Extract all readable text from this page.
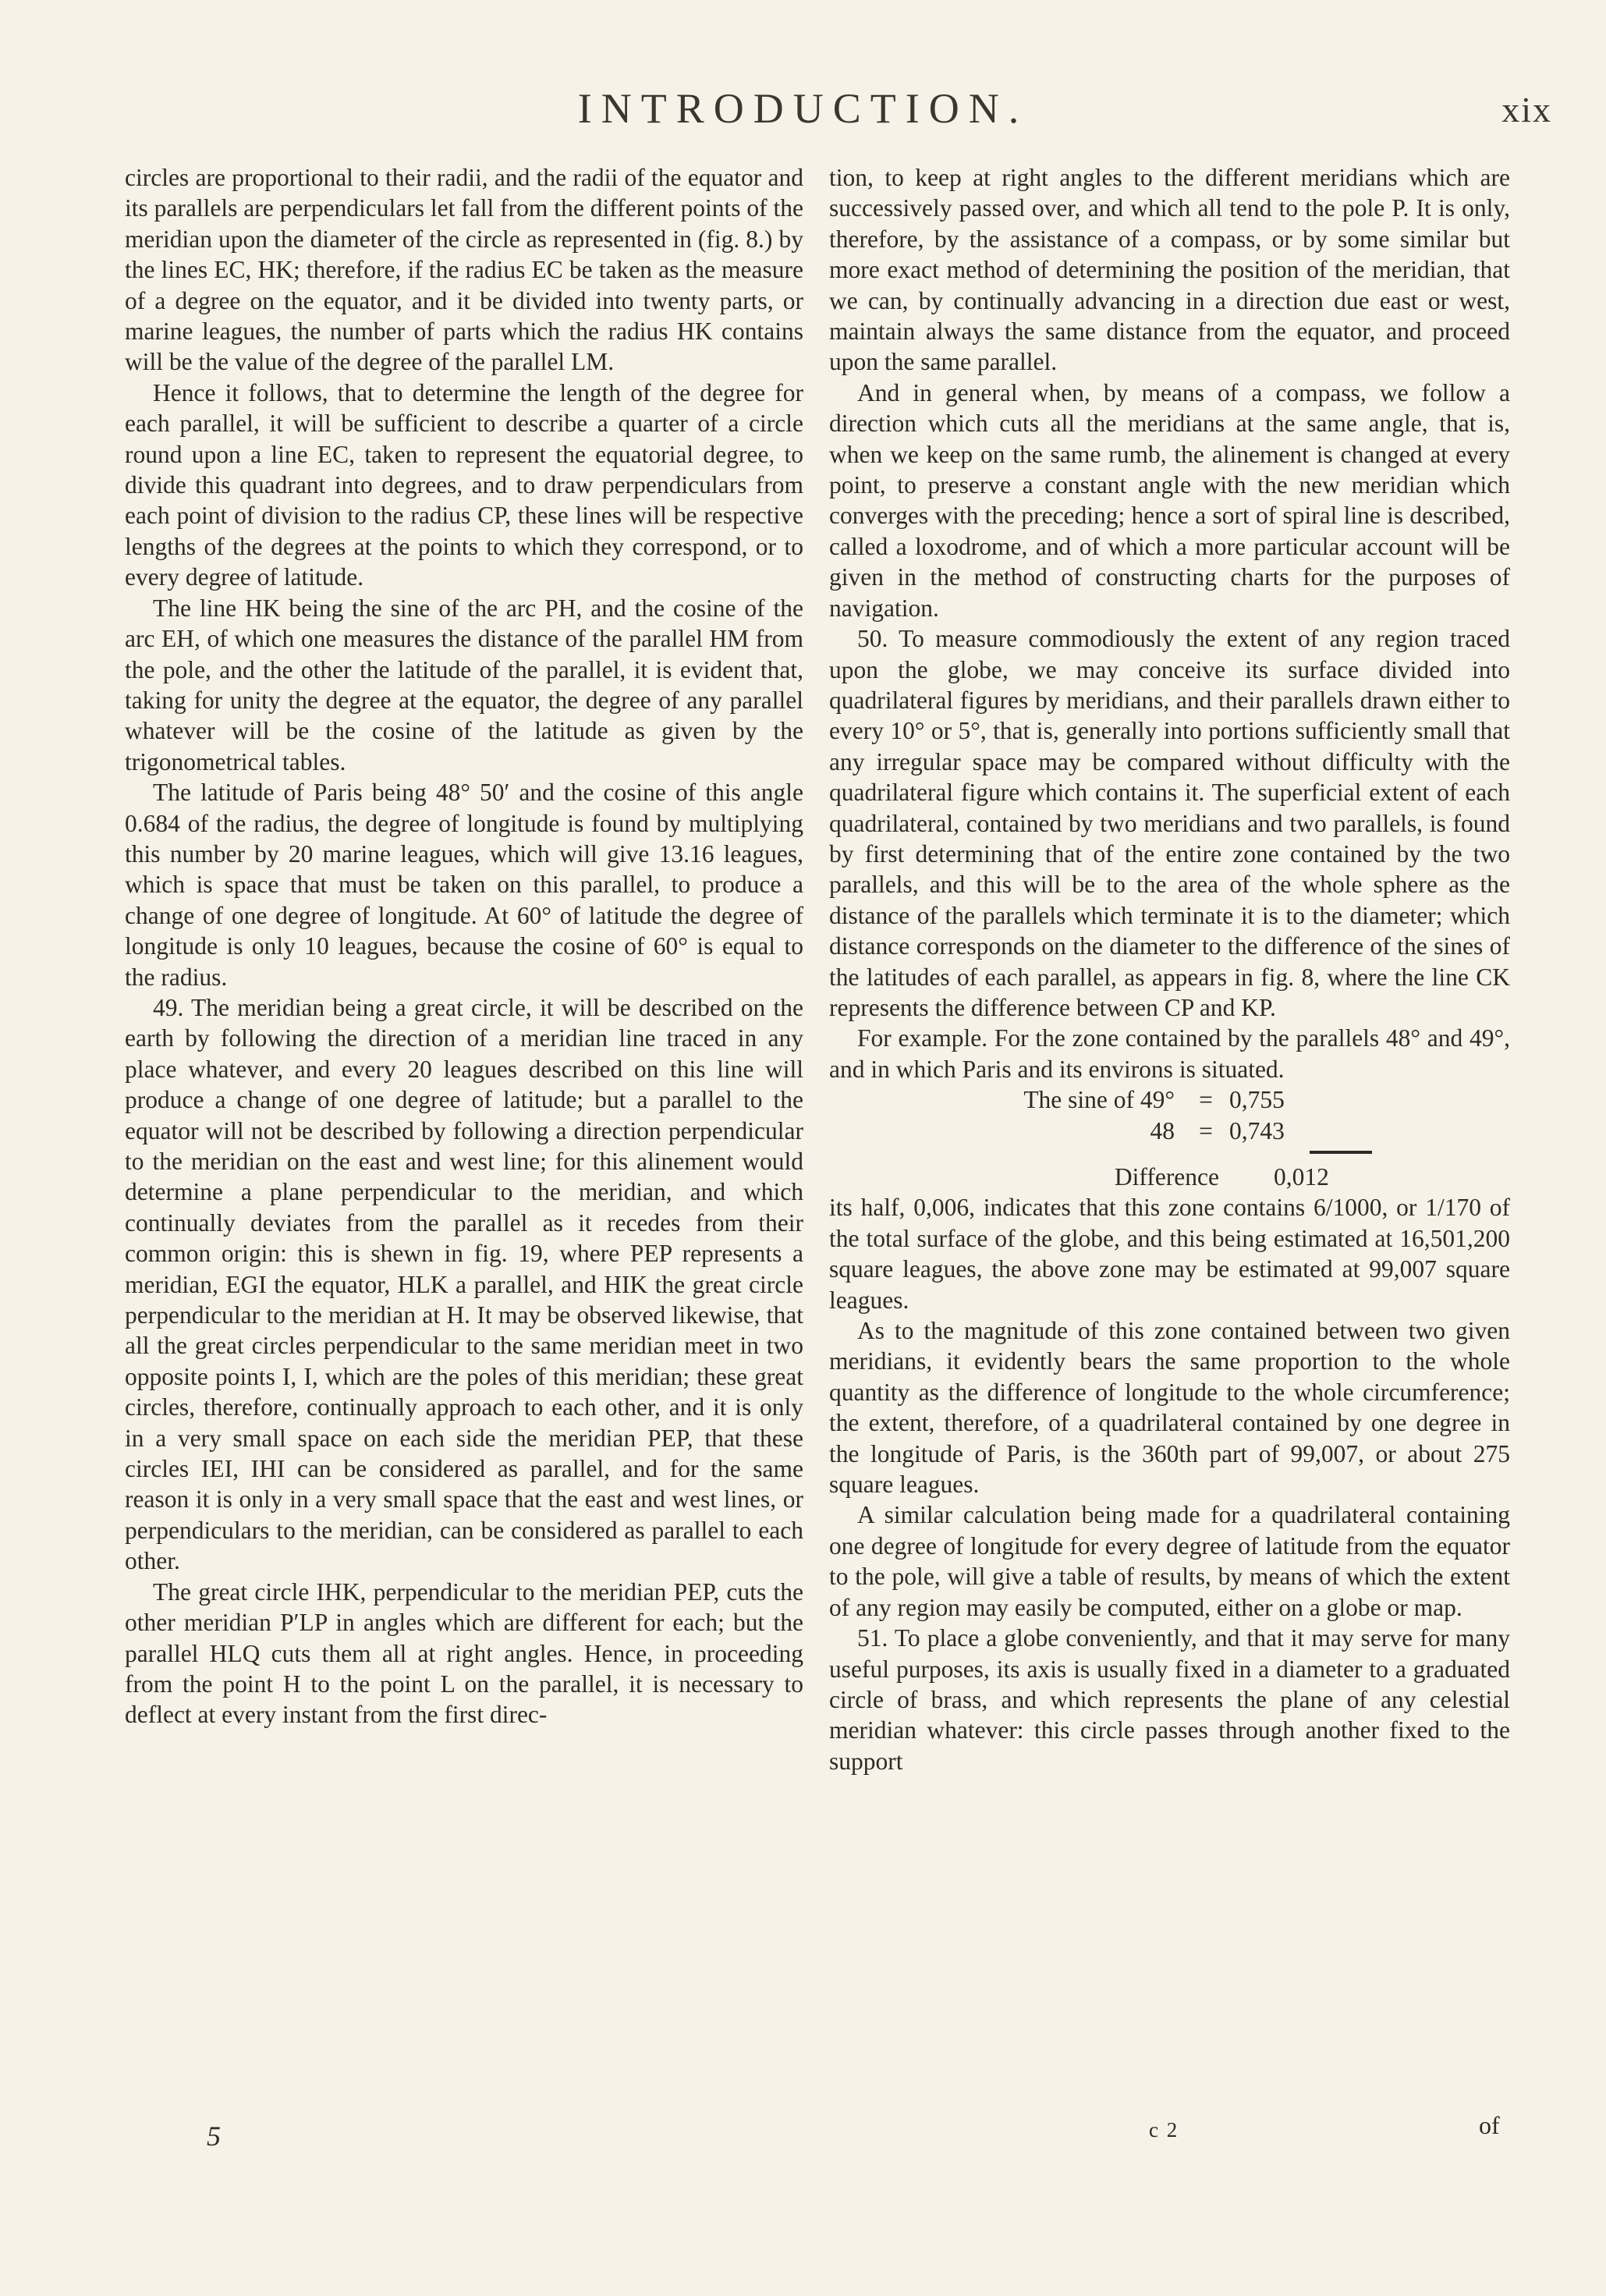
INTRODUCTION.	xix

circles are proportional to their radii, and the radii of the equator and its parallels are perpendiculars let fall from the different points of the meridian upon the diameter of the circle as represented in (fig. 8.) by the lines EC, HK; therefore, if the radius EC be taken as the measure of a degree on the equator, and it be divided into twenty parts, or marine leagues, the number of parts which the radius HK contains will be the value of the degree of the parallel LM.

Hence it follows, that to determine the length of the degree for each parallel, it will be sufficient to describe a quarter of a circle round upon a line EC, taken to represent the equatorial degree, to divide this quadrant into degrees, and to draw perpendiculars from each point of division to the radius CP, these lines will be respective lengths of the degrees at the points to which they correspond, or to every degree of latitude.

The line HK being the sine of the arc PH, and the cosine of the arc EH, of which one measures the distance of the parallel HM from the pole, and the other the latitude of the parallel, it is evident that, taking for unity the degree at the equator, the degree of any parallel whatever will be the cosine of the latitude as given by the trigonometrical tables.

The latitude of Paris being 48° 50′ and the cosine of this angle 0.684 of the radius, the degree of longitude is found by multiplying this number by 20 marine leagues, which will give 13.16 leagues, which is space that must be taken on this parallel, to produce a change of one degree of longitude. At 60° of latitude the degree of longitude is only 10 leagues, because the cosine of 60° is equal to the radius.

49. The meridian being a great circle, it will be described on the earth by following the direction of a meridian line traced in any place whatever, and every 20 leagues described on this line will produce a change of one degree of latitude; but a parallel to the equator will not be described by following a direction perpendicular to the meridian on the east and west line; for this alinement would determine a plane perpendicular to the meridian, and which continually deviates from the parallel as it recedes from their common origin: this is shewn in fig. 19, where PEP represents a meridian, EGI the equator, HLK a parallel, and HIK the great circle perpendicular to the meridian at H. It may be observed likewise, that all the great circles perpendicular to the same meridian meet in two opposite points I, I, which are the poles of this meridian; these great circles, therefore, continually approach to each other, and it is only in a very small space on each side the meridian PEP, that these circles IEI, IHI can be considered as parallel, and for the same reason it is only in a very small space that the east and west lines, or perpendiculars to the meridian, can be considered as parallel to each other.

The great circle IHK, perpendicular to the meridian PEP, cuts the other meridian P′LP in angles which are different for each; but the parallel HLQ cuts them all at right angles. Hence, in proceeding from the point H to the point L on the parallel, it is necessary to deflect at every instant from the first direc-

tion, to keep at right angles to the different meridians which are successively passed over, and which all tend to the pole P. It is only, therefore, by the assistance of a compass, or by some similar but more exact method of determining the position of the meridian, that we can, by continually advancing in a direction due east or west, maintain always the same distance from the equator, and proceed upon the same parallel.

And in general when, by means of a compass, we follow a direction which cuts all the meridians at the same angle, that is, when we keep on the same rumb, the alinement is changed at every point, to preserve a constant angle with the new meridian which converges with the preceding; hence a sort of spiral line is described, called a loxodrome, and of which a more particular account will be given in the method of constructing charts for the purposes of navigation.

50. To measure commodiously the extent of any region traced upon the globe, we may conceive its surface divided into quadrilateral figures by meridians, and their parallels drawn either to every 10° or 5°, that is, generally into portions sufficiently small that any irregular space may be compared without difficulty with the quadrilateral figure which contains it. The superficial extent of each quadrilateral, contained by two meridians and two parallels, is found by first determining that of the entire zone contained by the two parallels, and this will be to the area of the whole sphere as the distance of the parallels which terminate it is to the diameter; which distance corresponds on the diameter to the difference of the sines of the latitudes of each parallel, as appears in fig. 8, where the line CK represents the difference between CP and KP.

For example. For the zone contained by the parallels 48° and 49°, and in which Paris and its environs is situated.

The sine of 49° = 0,755
48 = 0,743
Difference	0,012

its half, 0,006, indicates that this zone contains 6/1000, or 1/170 of the total surface of the globe, and this being estimated at 16,501,200 square leagues, the above zone may be estimated at 99,007 square leagues.

As to the magnitude of this zone contained between two given meridians, it evidently bears the same proportion to the whole quantity as the difference of longitude to the whole circumference; the extent, therefore, of a quadrilateral contained by one degree in the longitude of Paris, is the 360th part of 99,007, or about 275 square leagues.

A similar calculation being made for a quadrilateral containing one degree of longitude for every degree of latitude from the equator to the pole, will give a table of results, by means of which the extent of any region may easily be computed, either on a globe or map.

51. To place a globe conveniently, and that it may serve for many useful purposes, its axis is usually fixed in a diameter to a graduated circle of brass, and which represents the plane of any celestial meridian whatever: this circle passes through another fixed to the support

5	c 2	of
